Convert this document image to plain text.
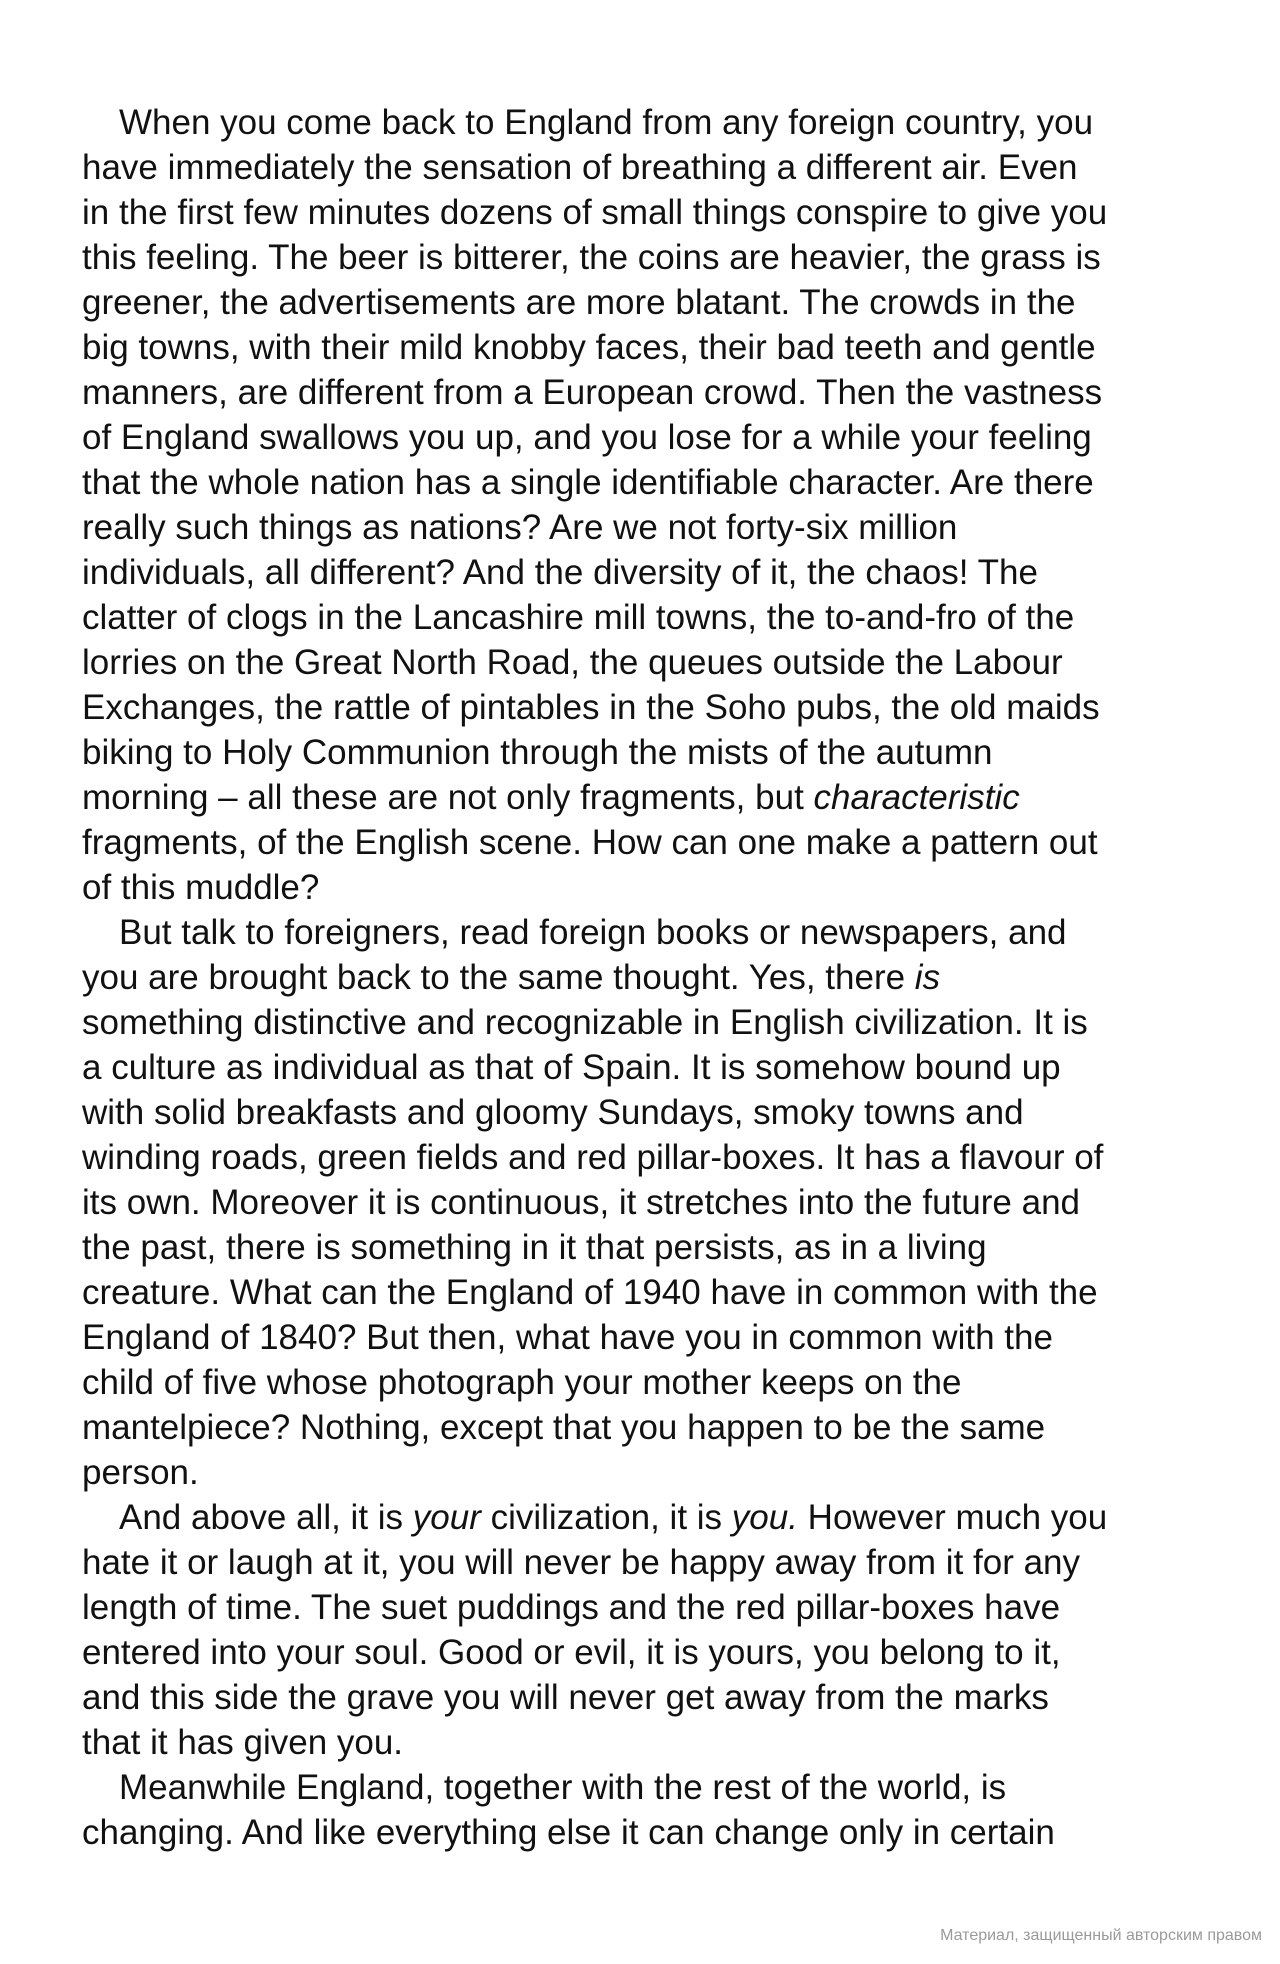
When you come back to England from any foreign country, you
have immediately the sensation of breathing a different air. Even
in the first few minutes dozens of small things conspire to give you
this feeling. The beer is bitterer, the coins are heavier, the grass is
greener, the advertisements are more blatant. The crowds in the
big towns, with their mild knobby faces, their bad teeth and gentle
manners, are different from a European crowd. Then the vastness
of England swallows you up, and you lose for a while your feeling
that the whole nation has a single identifiable character. Are there
really such things as nations? Are we not forty-six million
individuals, all different? And the diversity of it, the chaos! The
clatter of clogs in the Lancashire mill towns, the to-and-fro of the
lorries on the Great North Road, the queues outside the Labour
Exchanges, the rattle of pintables in the Soho pubs, the old maids
biking to Holy Communion through the mists of the autumn
morning – all these are not only fragments, but characteristic
fragments, of the English scene. How can one make a pattern out
of this muddle?
But talk to foreigners, read foreign books or newspapers, and
you are brought back to the same thought. Yes, there is
something distinctive and recognizable in English civilization. It is
a culture as individual as that of Spain. It is somehow bound up
with solid breakfasts and gloomy Sundays, smoky towns and
winding roads, green fields and red pillar-boxes. It has a flavour of
its own. Moreover it is continuous, it stretches into the future and
the past, there is something in it that persists, as in a living
creature. What can the England of 1940 have in common with the
England of 1840? But then, what have you in common with the
child of five whose photograph your mother keeps on the
mantelpiece? Nothing, except that you happen to be the same
person.
And above all, it is your civilization, it is you. However much you
hate it or laugh at it, you will never be happy away from it for any
length of time. The suet puddings and the red pillar-boxes have
entered into your soul. Good or evil, it is yours, you belong to it,
and this side the grave you will never get away from the marks
that it has given you.
Meanwhile England, together with the rest of the world, is
changing. And like everything else it can change only in certain
Материал, защищенный авторским правом
